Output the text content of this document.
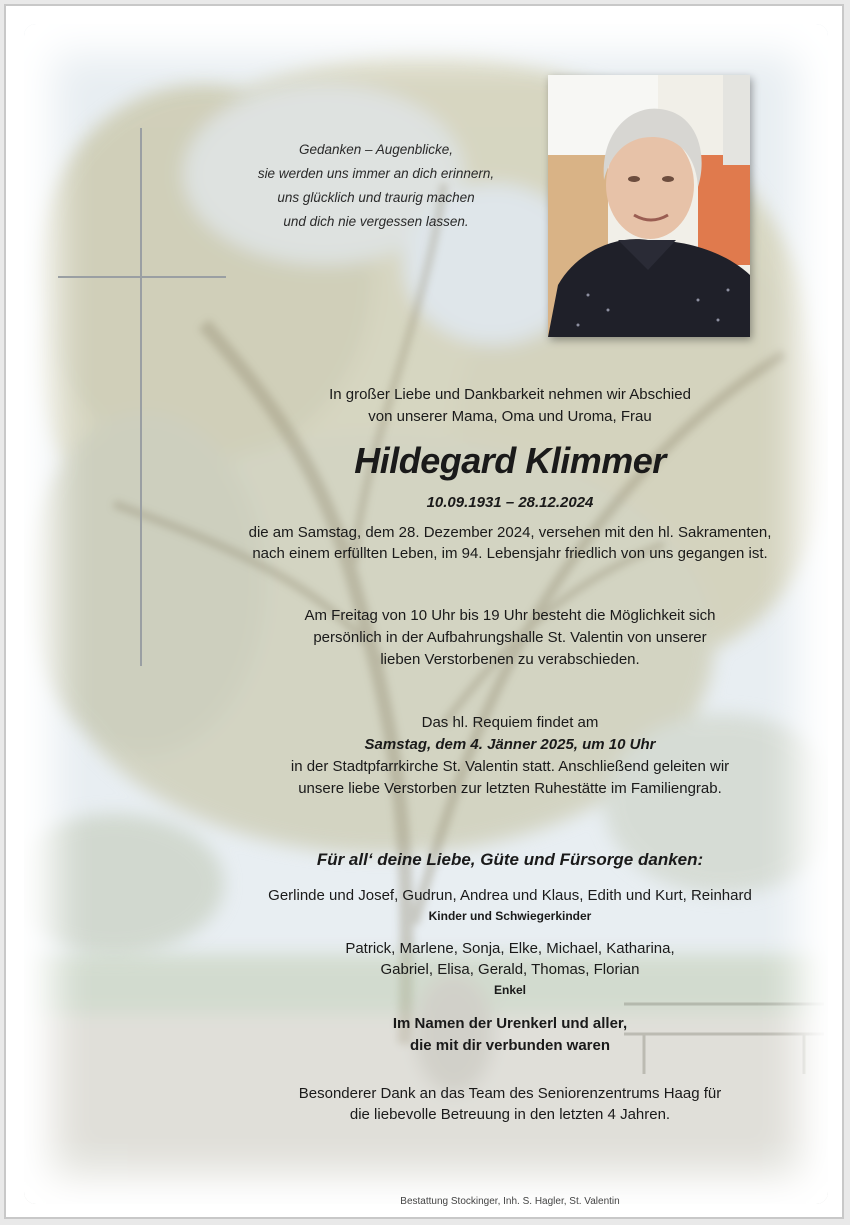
Gedanken – Augenblicke,
sie werden uns immer an dich erinnern,
uns glücklich und traurig machen
und dich nie vergessen lassen.
In großer Liebe und Dankbarkeit nehmen wir Abschied
von unserer Mama, Oma und Uroma, Frau
Hildegard Klimmer
10.09.1931 – 28.12.2024
die am Samstag, dem 28. Dezember 2024, versehen mit den hl. Sakramenten,
nach einem erfüllten Leben, im 94. Lebensjahr friedlich von uns gegangen ist.
Am Freitag von 10 Uhr bis 19 Uhr besteht die Möglichkeit sich
persönlich in der Aufbahrungshalle St. Valentin von unserer
lieben Verstorbenen zu verabschieden.
Das hl. Requiem findet am
Samstag, dem 4. Jänner 2025, um 10 Uhr
in der Stadtpfarrkirche St. Valentin statt. Anschließend geleiten wir
unsere liebe Verstorben zur letzten Ruhestätte im Familiengrab.
Für all‘ deine Liebe, Güte und Fürsorge danken:
Gerlinde und Josef, Gudrun, Andrea und Klaus, Edith und Kurt, Reinhard
Kinder und Schwiegerkinder
Patrick, Marlene, Sonja, Elke, Michael, Katharina,
Gabriel, Elisa, Gerald, Thomas, Florian
Enkel
Im Namen der Urenkerl und aller,
die mit dir verbunden waren
Besonderer Dank an das Team des Seniorenzentrums Haag für
die liebevolle Betreuung in den letzten 4 Jahren.
Bestattung Stockinger, Inh. S. Hagler, St. Valentin
